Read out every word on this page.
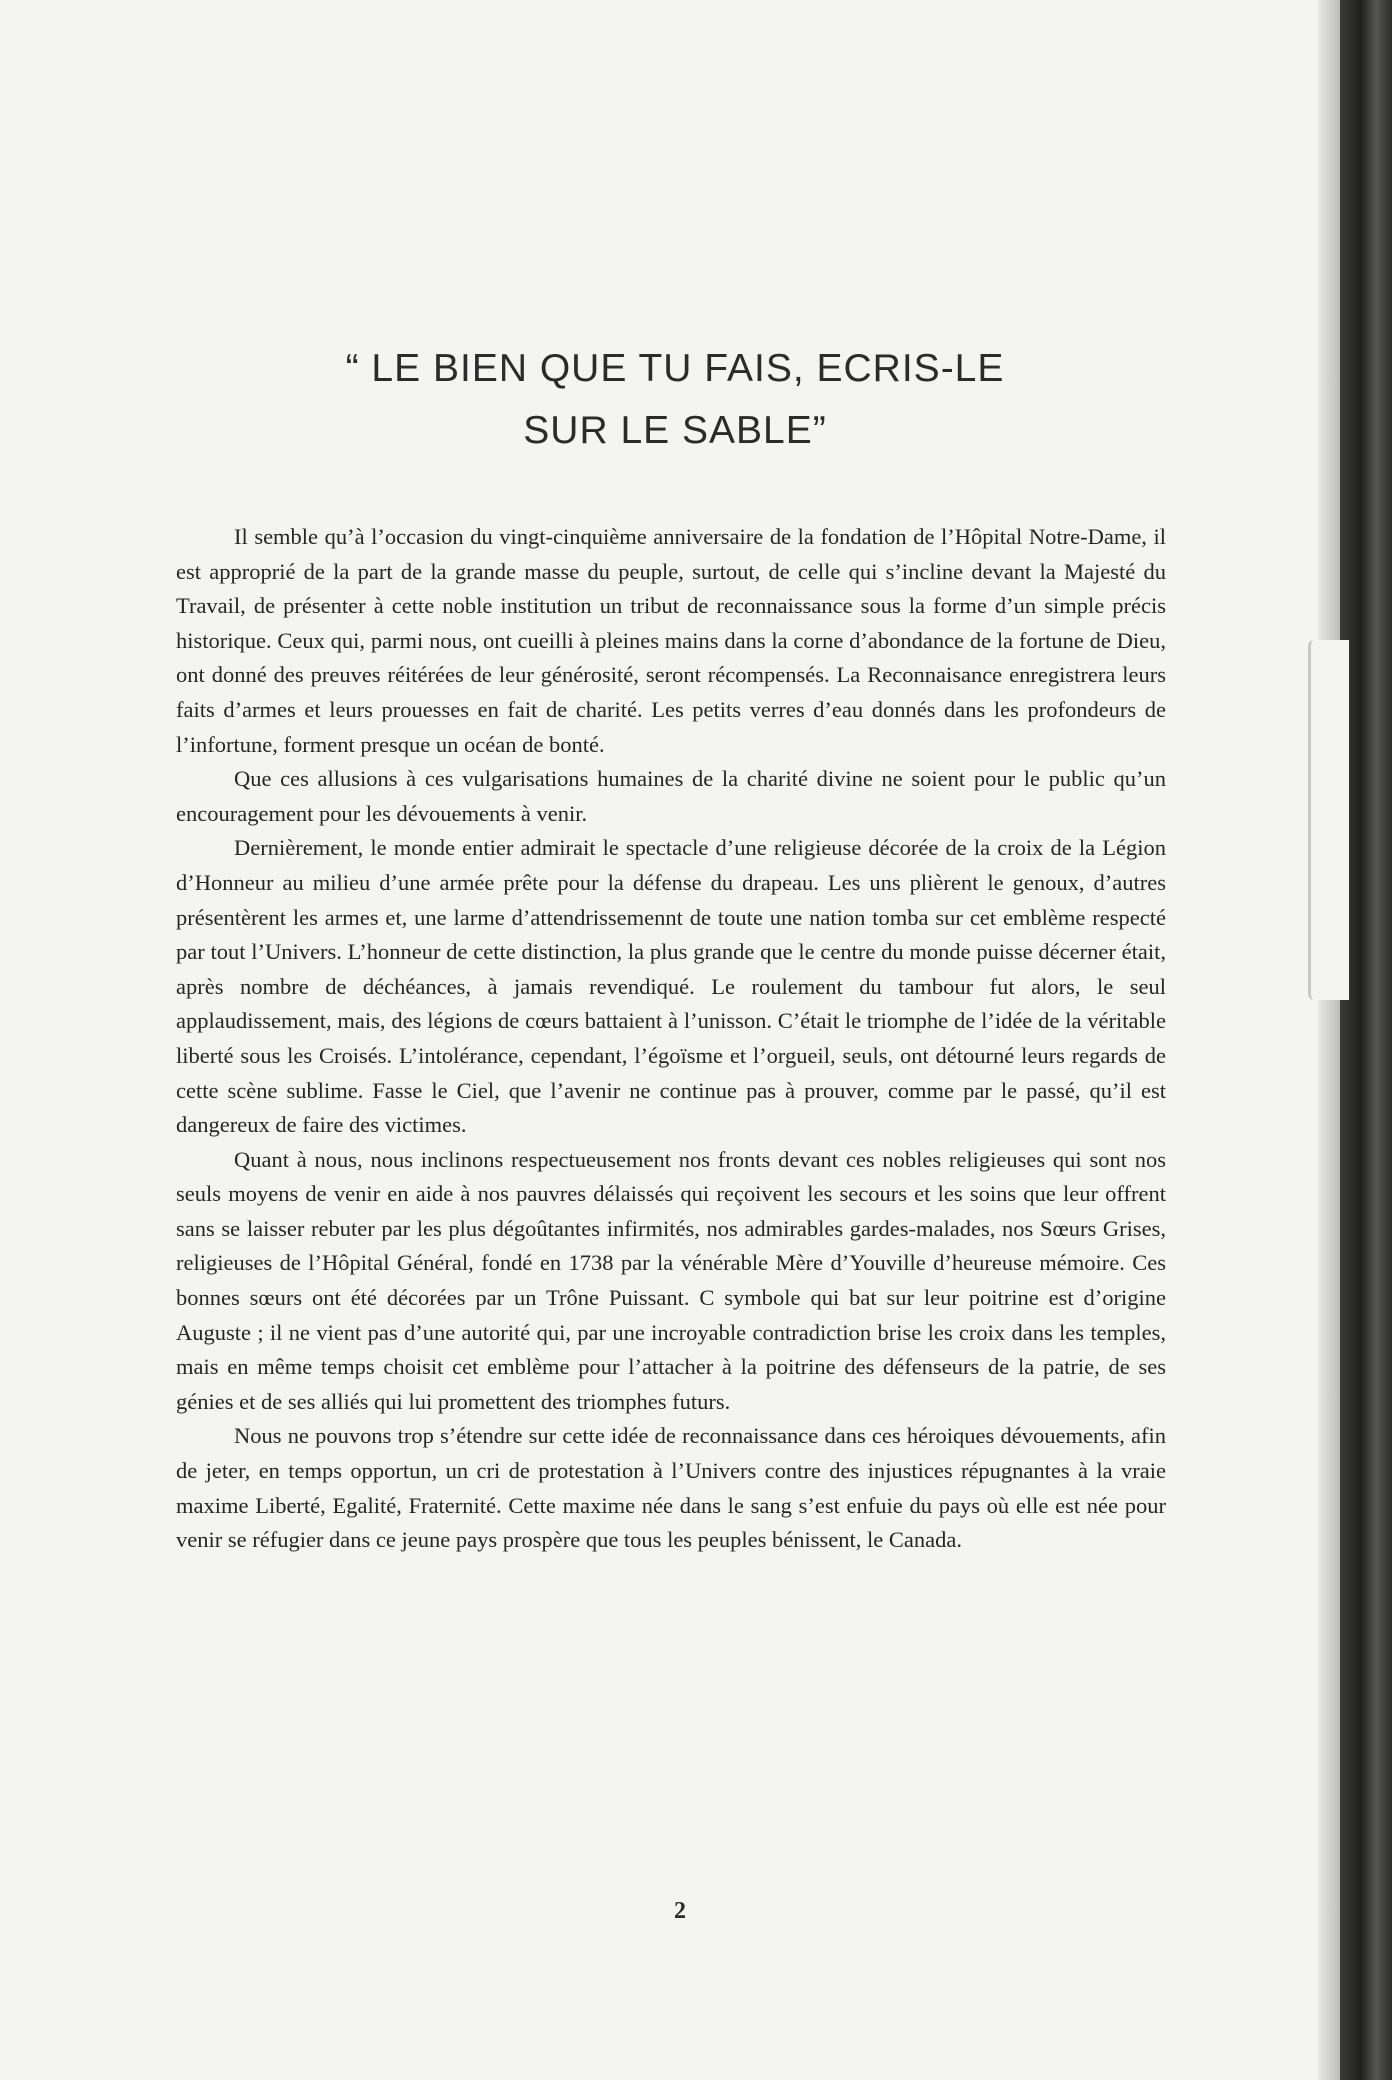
“ LE BIEN QUE TU FAIS, ECRIS-LE
SUR LE SABLE”

Il semble qu’à l’occasion du vingt-cinquième anniversaire de la fondation de l’Hôpital Notre-Dame, il est approprié de la part de la grande masse du peuple, surtout, de celle qui s’incline devant la Majesté du Travail, de présenter à cette noble institution un tribut de reconnaissance sous la forme d’un simple précis historique. Ceux qui, parmi nous, ont cueilli à pleines mains dans la corne d’abondance de la fortune de Dieu, ont donné des preuves réitérées de leur générosité, seront récompensés. La Reconnaisance enregistrera leurs faits d’armes et leurs prouesses en fait de charité. Les petits verres d’eau donnés dans les profondeurs de l’infortune, forment presque un océan de bonté.

Que ces allusions à ces vulgarisations humaines de la charité divine ne soient pour le public qu’un encouragement pour les dévouements à venir.

Dernièrement, le monde entier admirait le spectacle d’une religieuse décorée de la croix de la Légion d’Honneur au milieu d’une armée prête pour la défense du drapeau. Les uns plièrent le genoux, d’autres présentèrent les armes et, une larme d’attendrissemennt de toute une nation tomba sur cet emblème respecté par tout l’Univers. L’honneur de cette distinction, la plus grande que le centre du monde puisse décerner était, après nombre de déchéances, à jamais revendiqué. Le roulement du tambour fut alors, le seul applaudissement, mais, des légions de cœurs battaient à l’unisson. C’était le triomphe de l’idée de la véritable liberté sous les Croisés. L’intolérance, cependant, l’égoïsme et l’orgueil, seuls, ont détourné leurs regards de cette scène sublime. Fasse le Ciel, que l’avenir ne continue pas à prouver, comme par le passé, qu’il est dangereux de faire des victimes.

Quant à nous, nous inclinons respectueusement nos fronts devant ces nobles religieuses qui sont nos seuls moyens de venir en aide à nos pauvres délaissés qui reçoivent les secours et les soins que leur offrent sans se laisser rebuter par les plus dégoûtantes infirmités, nos admirables gardes-malades, nos Sœurs Grises, religieuses de l’Hôpital Général, fondé en 1738 par la vénérable Mère d’Youville d’heureuse mémoire. Ces bonnes sœurs ont été décorées par un Trône Puissant. C symbole qui bat sur leur poitrine est d’origine Auguste ; il ne vient pas d’une autorité qui, par une incroyable contradiction brise les croix dans les temples, mais en même temps choisit cet emblème pour l’attacher à la poitrine des défenseurs de la patrie, de ses génies et de ses alliés qui lui promettent des triomphes futurs.

Nous ne pouvons trop s’étendre sur cette idée de reconnaissance dans ces héroiques dévouements, afin de jeter, en temps opportun, un cri de protestation à l’Univers contre des injustices répugnantes à la vraie maxime Liberté, Egalité, Fraternité. Cette maxime née dans le sang s’est enfuie du pays où elle est née pour venir se réfugier dans ce jeune pays prospère que tous les peuples bénissent, le Canada.

2
